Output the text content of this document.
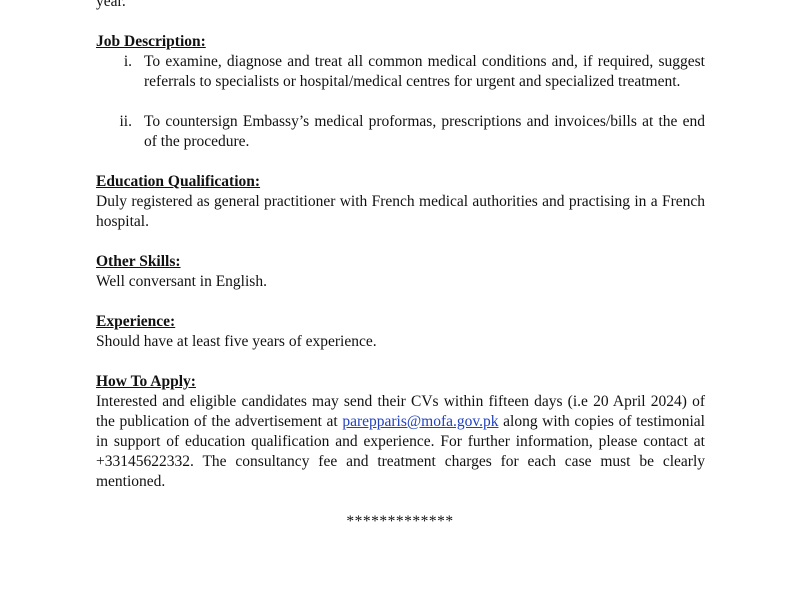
year.
Job Description:
i. To examine, diagnose and treat all common medical conditions and, if required, suggest referrals to specialists or hospital/medical centres for urgent and specialized treatment.
ii. To countersign Embassy’s medical proformas, prescriptions and invoices/bills at the end of the procedure.
Education Qualification:
Duly registered as general practitioner with French medical authorities and practising in a French hospital.
Other Skills:
Well conversant in English.
Experience:
Should have at least five years of experience.
How To Apply:
Interested and eligible candidates may send their CVs within fifteen days (i.e 20 April 2024) of the publication of the advertisement at parepparis@mofa.gov.pk along with copies of testimonial in support of education qualification and experience. For further information, please contact at +33145622332. The consultancy fee and treatment charges for each case must be clearly mentioned.
*************
